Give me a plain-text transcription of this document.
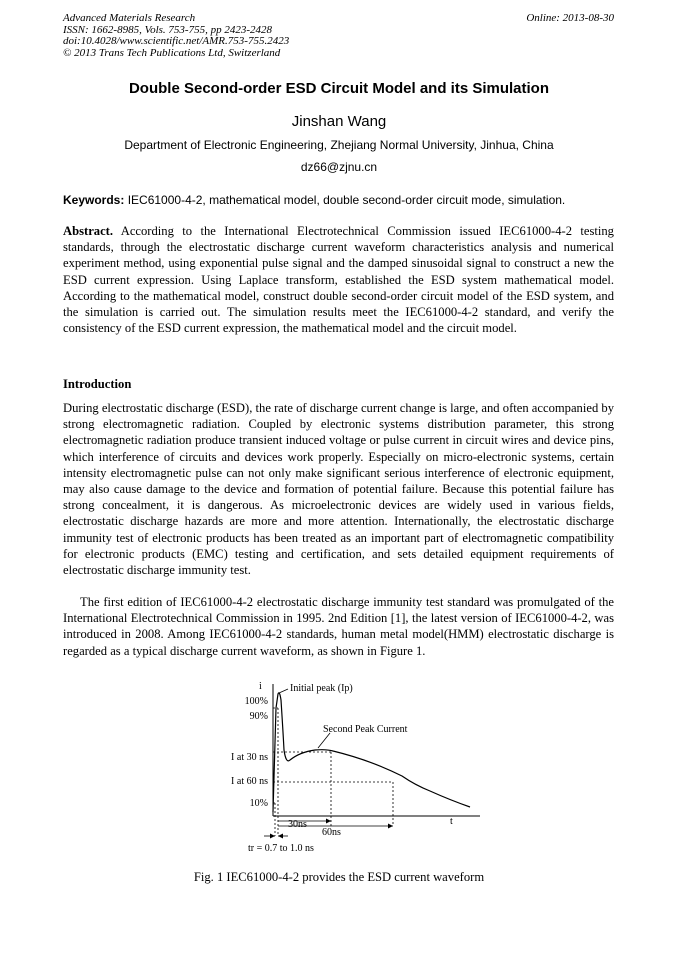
Advanced Materials Research
ISSN: 1662-8985, Vols. 753-755, pp 2423-2428
doi:10.4028/www.scientific.net/AMR.753-755.2423
© 2013 Trans Tech Publications Ltd, Switzerland
Online: 2013-08-30
Double Second-order ESD Circuit Model and its Simulation
Jinshan Wang
Department of Electronic Engineering, Zhejiang Normal University, Jinhua, China
dz66@zjnu.cn
Keywords: IEC61000-4-2, mathematical model, double second-order circuit mode, simulation.
Abstract. According to the International Electrotechnical Commission issued IEC61000-4-2 testing standards, through the electrostatic discharge current waveform characteristics analysis and numerical experiment method, using exponential pulse signal and the damped sinusoidal signal to construct a new the ESD current expression. Using Laplace transform, established the ESD system mathematical model. According to the mathematical model, construct double second-order circuit model of the ESD system, and the simulation is carried out. The simulation results meet the IEC61000-4-2 standard, and verify the consistency of the ESD current expression, the mathematical model and the circuit model.
Introduction
During electrostatic discharge (ESD), the rate of discharge current change is large, and often accompanied by strong electromagnetic radiation. Coupled by electronic systems distribution parameter, this strong electromagnetic radiation produce transient induced voltage or pulse current in circuit wires and device pins, which interference of circuits and devices work properly. Especially on micro-electronic systems, certain intensity electromagnetic pulse can not only make significant serious interference of electronic equipment, may also cause damage to the device and formation of potential failure. Because this potential failure has strong concealment, it is dangerous. As microelectronic devices are widely used in various fields, electrostatic discharge hazards are more and more attention. Internationally, the electrostatic discharge immunity test of electronic products has been treated as an important part of electromagnetic compatibility for electronic products (EMC) testing and certification, and sets detailed equipment requirements of electrostatic discharge immunity test.
The first edition of IEC61000-4-2 electrostatic discharge immunity test standard was promulgated of the International Electrotechnical Commission in 1995. 2nd Edition [1], the latest version of IEC61000-4-2, was introduced in 2008. Among IEC61000-4-2 standards, human metal model(HMM) electrostatic discharge is regarded as a typical discharge current waveform, as shown in Figure 1.
i
t
100%
90%
I at 30 ns
I at 60 ns
10%
Initial peak (Ip)
Second Peak Current
30ns
60ns
tr = 0.7 to 1.0 ns
Fig. 1 IEC61000-4-2 provides the ESD current waveform
